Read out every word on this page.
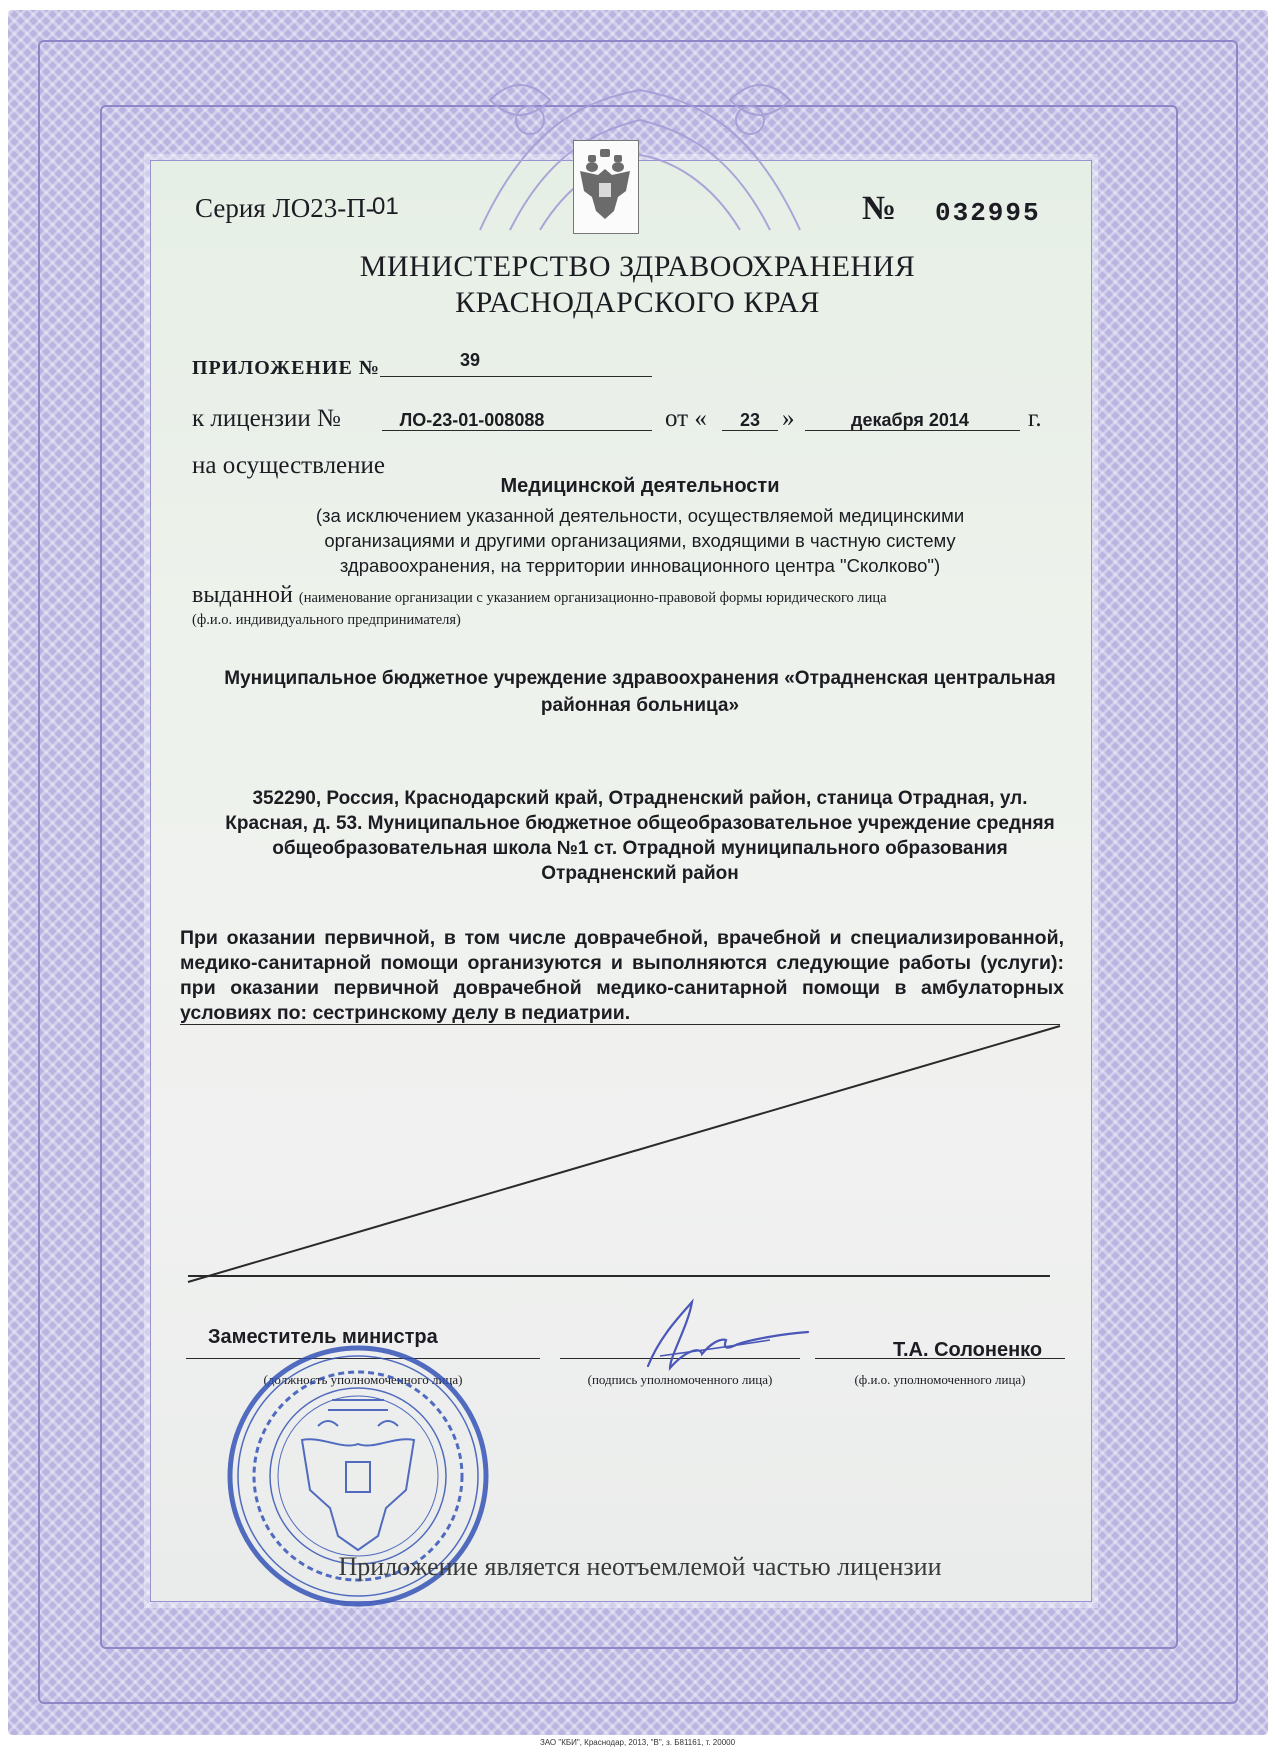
Серия ЛО23-П-
01	№ 032995
МИНИСТЕРСТВО ЗДРАВООХРАНЕНИЯ
КРАСНОДАРСКОГО КРАЯ
ПРИЛОЖЕНИЕ №	39
к лицензии №	ЛО-23-01-008088	от «	23 »	декабря 2014	г.
на осуществление
Медицинской деятельности
(за исключением указанной деятельности, осуществляемой медицинскими организациями и другими организациями, входящими в частную систему здравоохранения, на территории инновационного центра "Сколково")
выданной (наименование организации с указанием организационно-правовой формы юридического лица
(ф.и.о. индивидуального предпринимателя)
Муниципальное бюджетное учреждение здравоохранения «Отрадненская центральная районная больница»
352290, Россия, Краснодарский край, Отрадненский район, станица Отрадная, ул. Красная, д. 53. Муниципальное бюджетное общеобразовательное учреждение средняя общеобразовательная школа №1 ст. Отрадной муниципального образования Отрадненский район
При оказании первичной, в том числе доврачебной, врачебной и специализированной, медико-санитарной помощи организуются и выполняются следующие работы (услуги): при оказании первичной доврачебной медико-санитарной помощи в амбулаторных условиях по: сестринскому делу в педиатрии.
Заместитель министра
(должность уполномоченного лица)	(подпись уполномоченного лица)
Т.А. Солоненко
(ф.и.о. уполномоченного лица)
Приложение является неотъемлемой частью лицензии
ЗАО "КБИ", Краснодар, 2013, "В", з. Б81161, т. 20000
